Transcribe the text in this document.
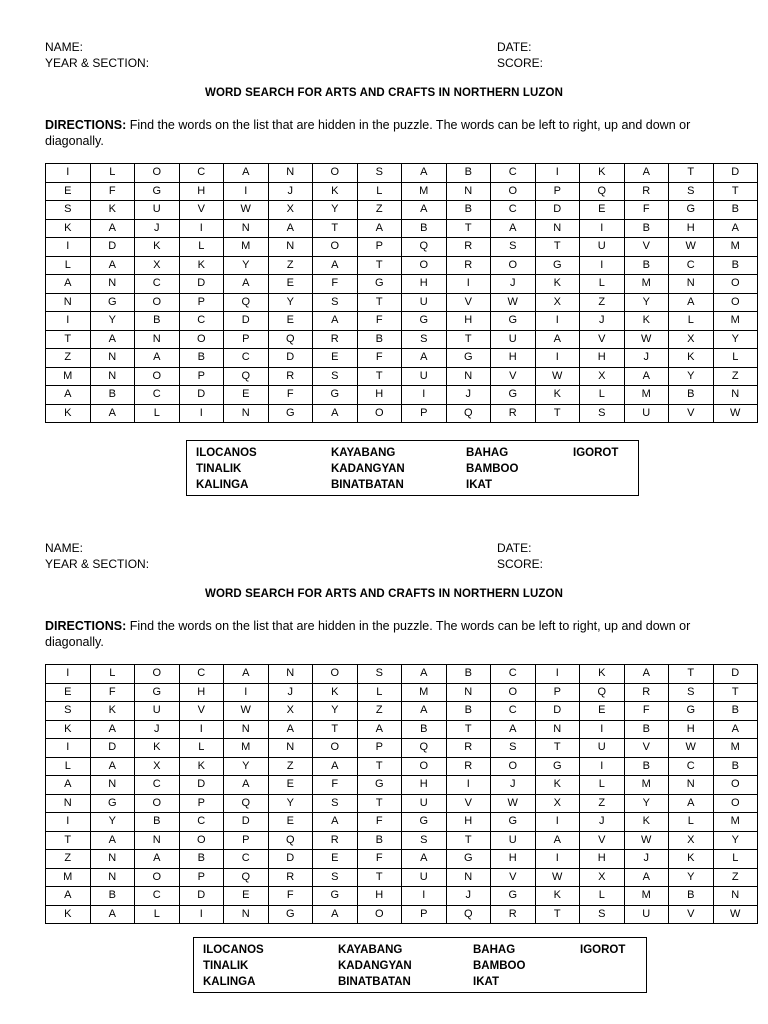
NAME:
YEAR & SECTION:
DATE:
SCORE:
WORD SEARCH FOR ARTS AND CRAFTS IN NORTHERN LUZON
DIRECTIONS: Find the words on the list that are hidden in the puzzle. The words can be left to right, up and down or diagonally.
I	L	O	C	A	N	O	S	A	B	C	I	K	A	T	D
E	F	G	H	I	J	K	L	M	N	O	P	Q	R	S	T
S	K	U	V	W	X	Y	Z	A	B	C	D	E	F	G	B
K	A	J	I	N	A	T	A	B	T	A	N	I	B	H	A
I	D	K	L	M	N	O	P	Q	R	S	T	U	V	W	M
L	A	X	K	Y	Z	A	T	O	R	O	G	I	B	C	B
A	N	C	D	A	E	F	G	H	I	J	K	L	M	N	O
N	G	O	P	Q	Y	S	T	U	V	W	X	Z	Y	A	O
I	Y	B	C	D	E	A	F	G	H	G	I	J	K	L	M
T	A	N	O	P	Q	R	B	S	T	U	A	V	W	X	Y
Z	N	A	B	C	D	E	F	A	G	H	I	H	J	K	L
M	N	O	P	Q	R	S	T	U	N	V	W	X	A	Y	Z
A	B	C	D	E	F	G	H	I	J	G	K	L	M	B	N
K	A	L	I	N	G	A	O	P	Q	R	T	S	U	V	W
ILOCANOS	KAYABANG	BAHAG	IGOROT
TINALIK	KADANGYAN	BAMBOO
KALINGA	BINATBATAN	IKAT
NAME:
YEAR & SECTION:
DATE:
SCORE:
WORD SEARCH FOR ARTS AND CRAFTS IN NORTHERN LUZON
DIRECTIONS: Find the words on the list that are hidden in the puzzle. The words can be left to right, up and down or diagonally.
I	L	O	C	A	N	O	S	A	B	C	I	K	A	T	D
E	F	G	H	I	J	K	L	M	N	O	P	Q	R	S	T
S	K	U	V	W	X	Y	Z	A	B	C	D	E	F	G	B
K	A	J	I	N	A	T	A	B	T	A	N	I	B	H	A
I	D	K	L	M	N	O	P	Q	R	S	T	U	V	W	M
L	A	X	K	Y	Z	A	T	O	R	O	G	I	B	C	B
A	N	C	D	A	E	F	G	H	I	J	K	L	M	N	O
N	G	O	P	Q	Y	S	T	U	V	W	X	Z	Y	A	O
I	Y	B	C	D	E	A	F	G	H	G	I	J	K	L	M
T	A	N	O	P	Q	R	B	S	T	U	A	V	W	X	Y
Z	N	A	B	C	D	E	F	A	G	H	I	H	J	K	L
M	N	O	P	Q	R	S	T	U	N	V	W	X	A	Y	Z
A	B	C	D	E	F	G	H	I	J	G	K	L	M	B	N
K	A	L	I	N	G	A	O	P	Q	R	T	S	U	V	W
ILOCANOS	KAYABANG	BAHAG	IGOROT
TINALIK	KADANGYAN	BAMBOO
KALINGA	BINATBATAN	IKAT
